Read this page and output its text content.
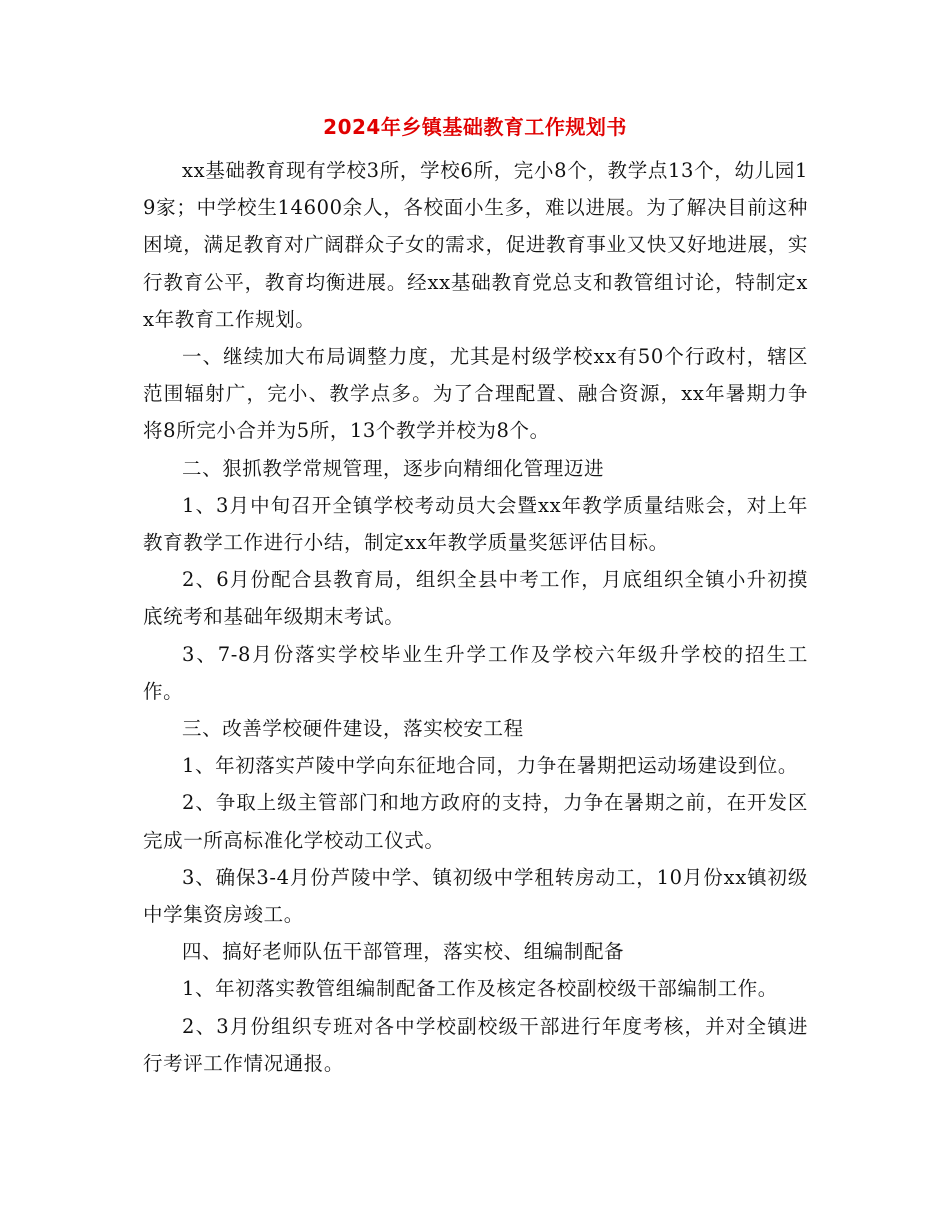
2024年乡镇基础教育工作规划书

xx基础教育现有学校3所，学校6所，完小8个，教学点13个，幼儿园19家；中学校生14600余人，各校面小生多，难以进展。为了解决目前这种困境，满足教育对广阔群众子女的需求，促进教育事业又快又好地进展，实行教育公平，教育均衡进展。经xx基础教育党总支和教管组讨论，特制定xx年教育工作规划。

一、继续加大布局调整力度，尤其是村级学校xx有50个行政村，辖区范围辐射广，完小、教学点多。为了合理配置、融合资源，xx年暑期力争将8所完小合并为5所，13个教学并校为8个。

二、狠抓教学常规管理，逐步向精细化管理迈进

1、3月中旬召开全镇学校考动员大会暨xx年教学质量结账会，对上年教育教学工作进行小结，制定xx年教学质量奖惩评估目标。

2、6月份配合县教育局，组织全县中考工作，月底组织全镇小升初摸底统考和基础年级期末考试。

3、7-8月份落实学校毕业生升学工作及学校六年级升学校的招生工作。

三、改善学校硬件建设，落实校安工程

1、年初落实芦陵中学向东征地合同，力争在暑期把运动场建设到位。

2、争取上级主管部门和地方政府的支持，力争在暑期之前，在开发区完成一所高标准化学校动工仪式。

3、确保3-4月份芦陵中学、镇初级中学租转房动工，10月份xx镇初级中学集资房竣工。

四、搞好老师队伍干部管理，落实校、组编制配备

1、年初落实教管组编制配备工作及核定各校副校级干部编制工作。

2、3月份组织专班对各中学校副校级干部进行年度考核，并对全镇进行考评工作情况通报。
